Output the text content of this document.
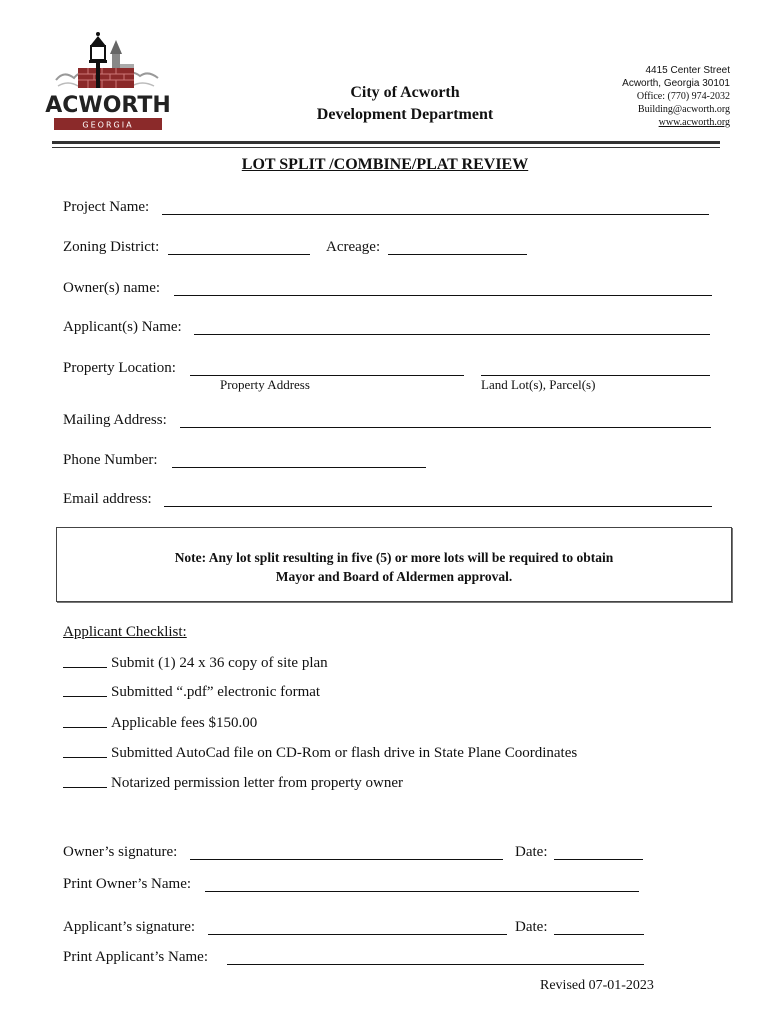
ACWORTH
GEORGIA
City of Acworth
Development Department
4415 Center Street
Acworth, Georgia 30101
Office: (770) 974-2032
Building@acworth.org
www.acworth.org
LOT SPLIT /COMBINE/PLAT REVIEW
Project Name:
Zoning District:	Acreage:
Owner(s) name:
Applicant(s) Name:
Property Location:
Property Address	Land Lot(s), Parcel(s)
Mailing Address:
Phone Number:
Email address:
Note: Any lot split resulting in five (5) or more lots will be required to obtain
Mayor and Board of Aldermen approval.
Applicant Checklist:
Submit (1) 24 x 36 copy of site plan
Submitted “.pdf” electronic format
Applicable fees $150.00
Submitted AutoCad file on CD-Rom or flash drive in State Plane Coordinates
Notarized permission letter from property owner
Owner’s signature:	Date:
Print Owner’s Name:
Applicant’s signature:	Date:
Print Applicant’s Name:
Revised 07-01-2023
